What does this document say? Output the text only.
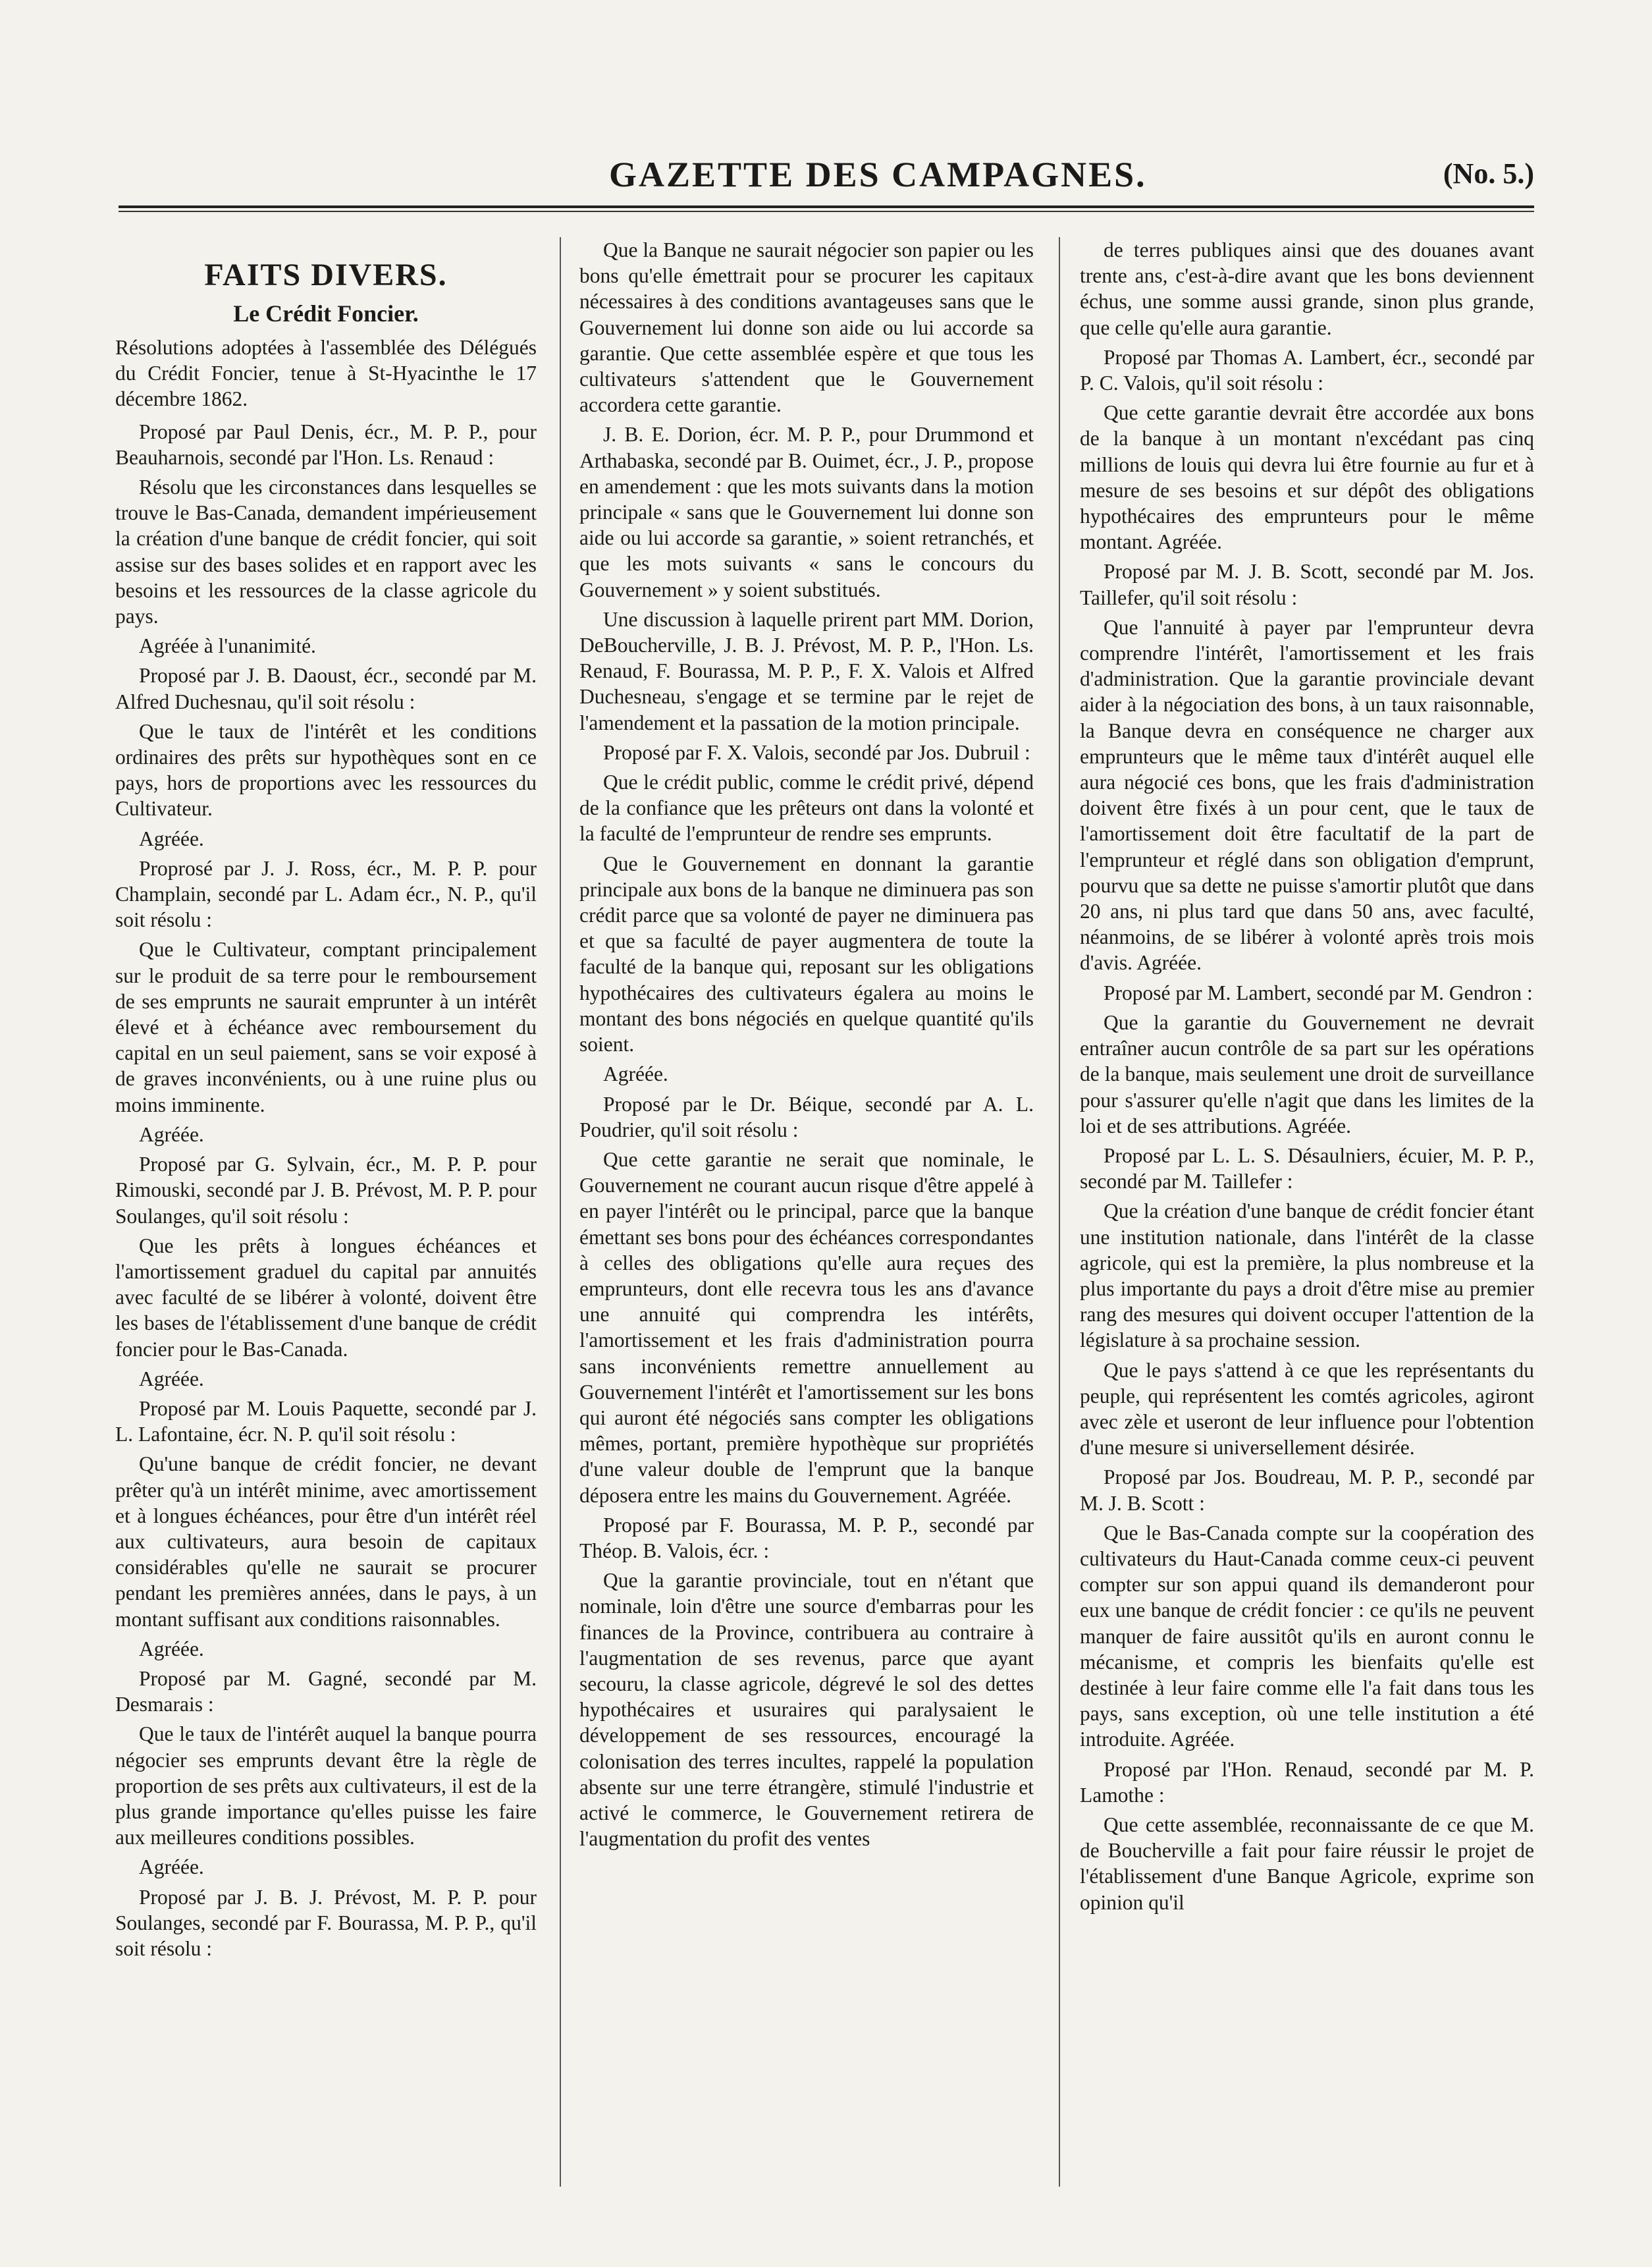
GAZETTE DES CAMPAGNES.	(No. 5.)
FAITS DIVERS.
Le Crédit Foncier.

Résolutions adoptées à l'assemblée des Délégués du Crédit Foncier, tenue à St-Hyacinthe le 17 décembre 1862.

Proposé par Paul Denis, écr., M. P. P., pour Beauharnois, secondé par l'Hon. Ls. Renaud :

Résolu que les circonstances dans lesquelles se trouve le Bas-Canada, demandent impérieusement la création d'une banque de crédit foncier, qui soit assise sur des bases solides et en rapport avec les besoins et les ressources de la classe agricole du pays.

Agréée à l'unanimité.

Proposé par J. B. Daoust, écr., secondé par M. Alfred Duchesnau, qu'il soit résolu :

Que le taux de l'intérêt et les conditions ordinaires des prêts sur hypothèques sont en ce pays, hors de proportions avec les ressources du Cultivateur.

Agréée.

Proprosé par J. J. Ross, écr., M. P. P. pour Champlain, secondé par L. Adam écr., N. P., qu'il soit résolu :

Que le Cultivateur, comptant principalement sur le produit de sa terre pour le remboursement de ses emprunts ne saurait emprunter à un intérêt élevé et à échéance avec remboursement du capital en un seul paiement, sans se voir exposé à de graves inconvénients, ou à une ruine plus ou moins imminente.

Agréée.

Proposé par G. Sylvain, écr., M. P. P. pour Rimouski, secondé par J. B. Prévost, M. P. P. pour Soulanges, qu'il soit résolu :

Que les prêts à longues échéances et l'amortissement graduel du capital par annuités avec faculté de se libérer à volonté, doivent être les bases de l'établissement d'une banque de crédit foncier pour le Bas-Canada.

Agréée.

Proposé par M. Louis Paquette, secondé par J. L. Lafontaine, écr. N. P. qu'il soit résolu :

Qu'une banque de crédit foncier, ne devant prêter qu'à un intérêt minime, avec amortissement et à longues échéances, pour être d'un intérêt réel aux cultivateurs, aura besoin de capitaux considérables qu'elle ne saurait se procurer pendant les premières années, dans le pays, à un montant suffisant aux conditions raisonnables.

Agréée.

Proposé par M. Gagné, secondé par M. Desmarais :

Que le taux de l'intérêt auquel la banque pourra négocier ses emprunts devant être la règle de proportion de ses prêts aux cultivateurs, il est de la plus grande importance qu'elles puisse les faire aux meilleures conditions possibles.

Agréée.

Proposé par J. B. J. Prévost, M. P. P. pour Soulanges, secondé par F. Bourassa, M. P. P., qu'il soit résolu :

Que la Banque ne saurait négocier son papier ou les bons qu'elle émettrait pour se procurer les capitaux nécessaires à des conditions avantageuses sans que le Gouvernement lui donne son aide ou lui accorde sa garantie. Que cette assemblée espère et que tous les cultivateurs s'attendent que le Gouvernement accordera cette garantie.

J. B. E. Dorion, écr. M. P. P., pour Drummond et Arthabaska, secondé par B. Ouimet, écr., J. P., propose en amendement : que les mots suivants dans la motion principale « sans que le Gouvernement lui donne son aide ou lui accorde sa garantie, » soient retranchés, et que les mots suivants « sans le concours du Gouvernement » y soient substitués.

Une discussion à laquelle prirent part MM. Dorion, DeBoucherville, J. B. J. Prévost, M. P. P., l'Hon. Ls. Renaud, F. Bourassa, M. P. P., F. X. Valois et Alfred Duchesneau, s'engage et se termine par le rejet de l'amendement et la passation de la motion principale.

Proposé par F. X. Valois, secondé par Jos. Dubruil :

Que le crédit public, comme le crédit privé, dépend de la confiance que les prêteurs ont dans la volonté et la faculté de l'emprunteur de rendre ses emprunts.

Que le Gouvernement en donnant la garantie principale aux bons de la banque ne diminuera pas son crédit parce que sa volonté de payer ne diminuera pas et que sa faculté de payer augmentera de toute la faculté de la banque qui, reposant sur les obligations hypothécaires des cultivateurs égalera au moins le montant des bons négociés en quelque quantité qu'ils soient.

Agréée.

Proposé par le Dr. Béique, secondé par A. L. Poudrier, qu'il soit résolu :

Que cette garantie ne serait que nominale, le Gouvernement ne courant aucun risque d'être appelé à en payer l'intérêt ou le principal, parce que la banque émettant ses bons pour des échéances correspondantes à celles des obligations qu'elle aura reçues des emprunteurs, dont elle recevra tous les ans d'avance une annuité qui comprendra les intérêts, l'amortissement et les frais d'administration pourra sans inconvénients remettre annuellement au Gouvernement l'intérêt et l'amortissement sur les bons qui auront été négociés sans compter les obligations mêmes, portant, première hypothèque sur propriétés d'une valeur double de l'emprunt que la banque déposera entre les mains du Gouvernement. Agréée.

Proposé par F. Bourassa, M. P. P., secondé par Théop. B. Valois, écr. :

Que la garantie provinciale, tout en n'étant que nominale, loin d'être une source d'embarras pour les finances de la Province, contribuera au contraire à l'augmentation de ses revenus, parce que ayant secouru, la classe agricole, dégrevé le sol des dettes hypothécaires et usuraires qui paralysaient le développement de ses ressources, encouragé la colonisation des terres incultes, rappelé la population absente sur une terre étrangère, stimulé l'industrie et activé le commerce, le Gouvernement retirera de l'augmentation du profit des ventes

de terres publiques ainsi que des douanes avant trente ans, c'est-à-dire avant que les bons deviennent échus, une somme aussi grande, sinon plus grande, que celle qu'elle aura garantie.

Proposé par Thomas A. Lambert, écr., secondé par P. C. Valois, qu'il soit résolu :

Que cette garantie devrait être accordée aux bons de la banque à un montant n'excédant pas cinq millions de louis qui devra lui être fournie au fur et à mesure de ses besoins et sur dépôt des obligations hypothécaires des emprunteurs pour le même montant. Agréée.

Proposé par M. J. B. Scott, secondé par M. Jos. Taillefer, qu'il soit résolu :

Que l'annuité à payer par l'emprunteur devra comprendre l'intérêt, l'amortissement et les frais d'administration. Que la garantie provinciale devant aider à la négociation des bons, à un taux raisonnable, la Banque devra en conséquence ne charger aux emprunteurs que le même taux d'intérêt auquel elle aura négocié ces bons, que les frais d'administration doivent être fixés à un pour cent, que le taux de l'amortissement doit être facultatif de la part de l'emprunteur et réglé dans son obligation d'emprunt, pourvu que sa dette ne puisse s'amortir plutôt que dans 20 ans, ni plus tard que dans 50 ans, avec faculté, néanmoins, de se libérer à volonté après trois mois d'avis. Agréée.

Proposé par M. Lambert, secondé par M. Gendron :

Que la garantie du Gouvernement ne devrait entraîner aucun contrôle de sa part sur les opérations de la banque, mais seulement une droit de surveillance pour s'assurer qu'elle n'agit que dans les limites de la loi et de ses attributions. Agréée.

Proposé par L. L. S. Désaulniers, écuier, M. P. P., secondé par M. Taillefer :

Que la création d'une banque de crédit foncier étant une institution nationale, dans l'intérêt de la classe agricole, qui est la première, la plus nombreuse et la plus importante du pays a droit d'être mise au premier rang des mesures qui doivent occuper l'attention de la législature à sa prochaine session.

Que le pays s'attend à ce que les représentants du peuple, qui représentent les comtés agricoles, agiront avec zèle et useront de leur influence pour l'obtention d'une mesure si universellement désirée.

Proposé par Jos. Boudreau, M. P. P., secondé par M. J. B. Scott :

Que le Bas-Canada compte sur la coopération des cultivateurs du Haut-Canada comme ceux-ci peuvent compter sur son appui quand ils demanderont pour eux une banque de crédit foncier : ce qu'ils ne peuvent manquer de faire aussitôt qu'ils en auront connu le mécanisme, et compris les bienfaits qu'elle est destinée à leur faire comme elle l'a fait dans tous les pays, sans exception, où une telle institution a été introduite. Agréée.

Proposé par l'Hon. Renaud, secondé par M. P. Lamothe :

Que cette assemblée, reconnaissante de ce que M. de Boucherville a fait pour faire réussir le projet de l'établissement d'une Banque Agricole, exprime son opinion qu'il
